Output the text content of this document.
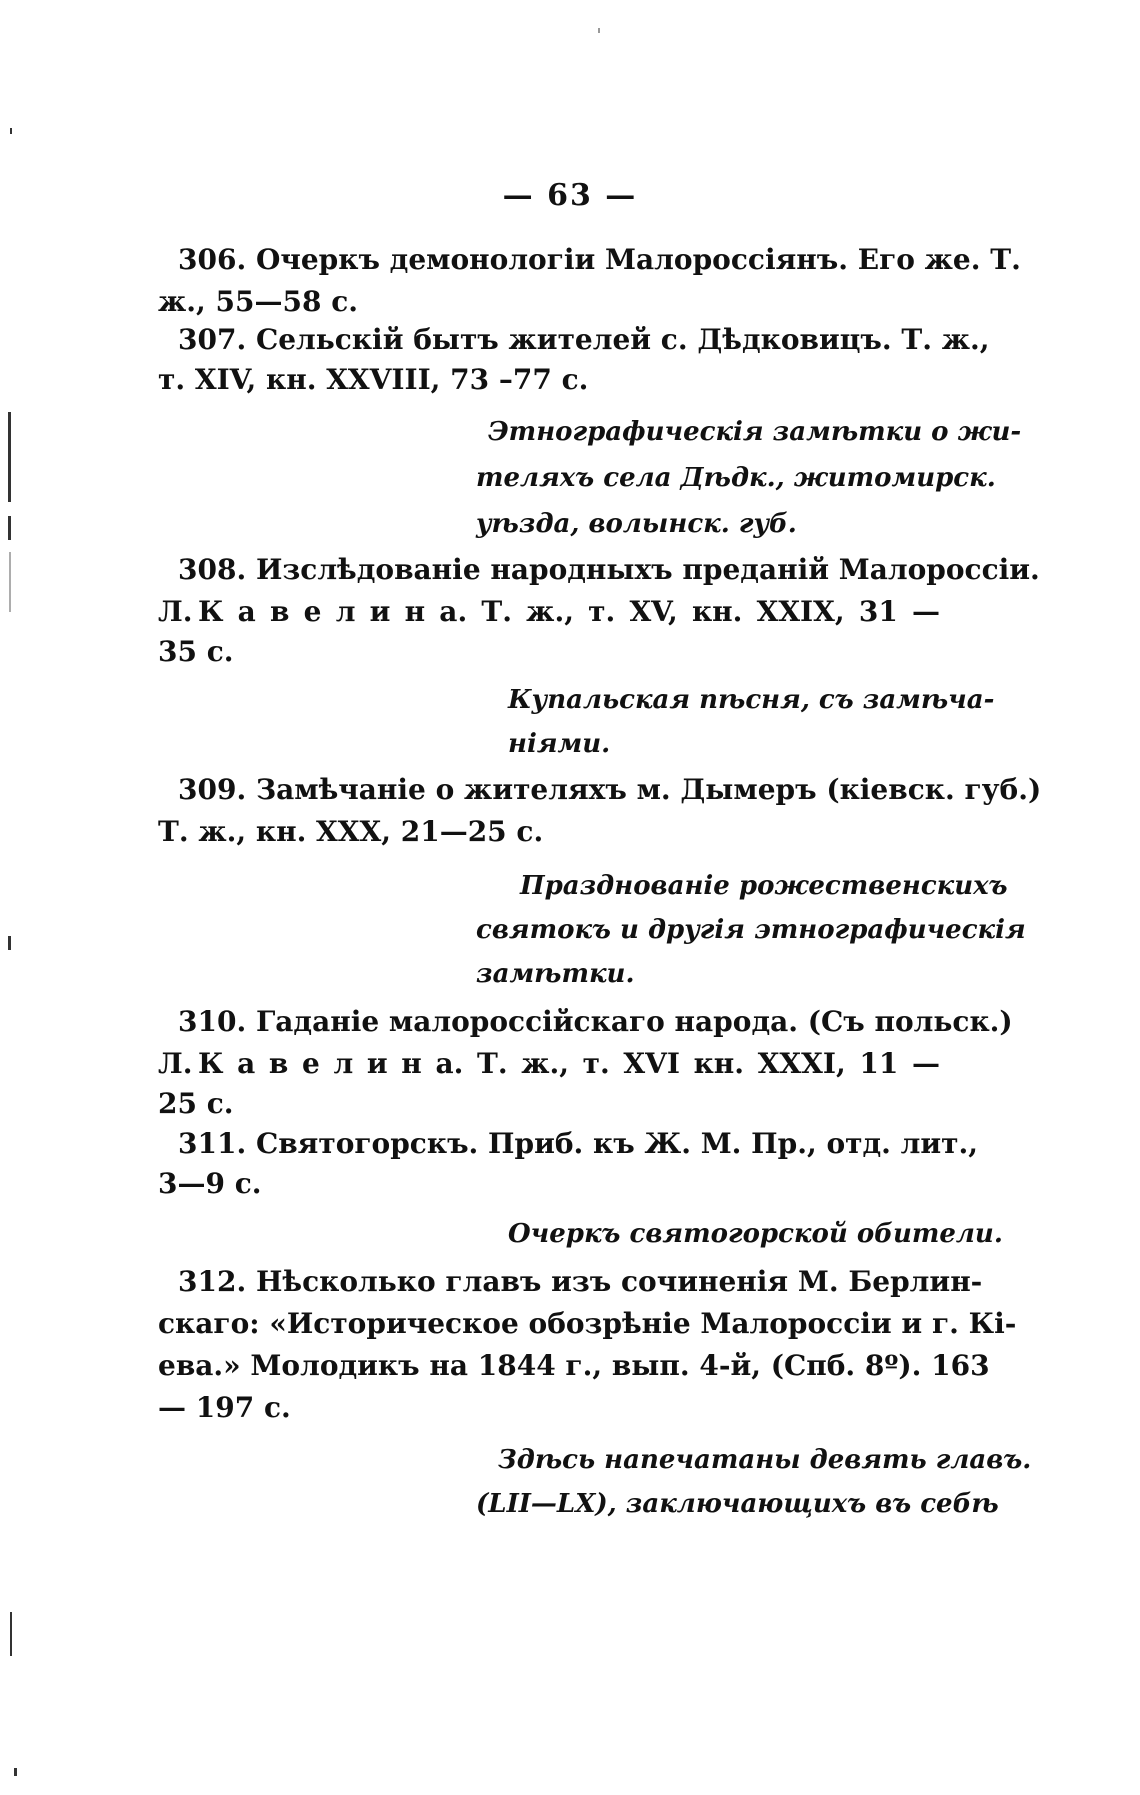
— 63 —
306. Очеркъ демонологіи Малороссіянъ. Его же. Т.
ж., 55—58 с.
307. Сельскій бытъ жителей с. Дѣдковицъ. Т. ж.,
т. XIV, кн. XXVIII, 73 –77 с.
Этнографическія замѣтки о жи-
теляхъ села Дѣдк., житомирск.
уѣзда, волынск. губ.
308. Изслѣдованіе народныхъ преданій Малороссіи.
Л. К а в е л и н а. Т. ж., т. XV, кн. XXIX, 31 —
35 с.
Купальская пѣсня, съ замѣча-
ніями.
309. Замѣчаніе о жителяхъ м. Дымеръ (кіевск. губ.)
Т. ж., кн. XXX, 21—25 с.
Празднованіе рожественскихъ
святокъ и другія этнографическія
замѣтки.
310. Гаданіе малороссійскаго народа. (Съ польск.)
Л. К а в е л и н а. Т. ж., т. XVI кн. XXXI, 11 —
25 с.
311. Святогорскъ. Приб. къ Ж. М. Пр., отд. лит.,
3—9 с.
Очеркъ святогорской обители.
312. Нѣсколько главъ изъ сочиненія М. Берлин-
скаго: «Историческое обозрѣніе Малороссіи и г. Кі-
ева.» Молодикъ на 1844 г., вып. 4-й, (Спб. 8º). 163
— 197 с.
Здѣсь напечатаны девять главъ.
(LII—LX), заключающихъ въ себѣ
